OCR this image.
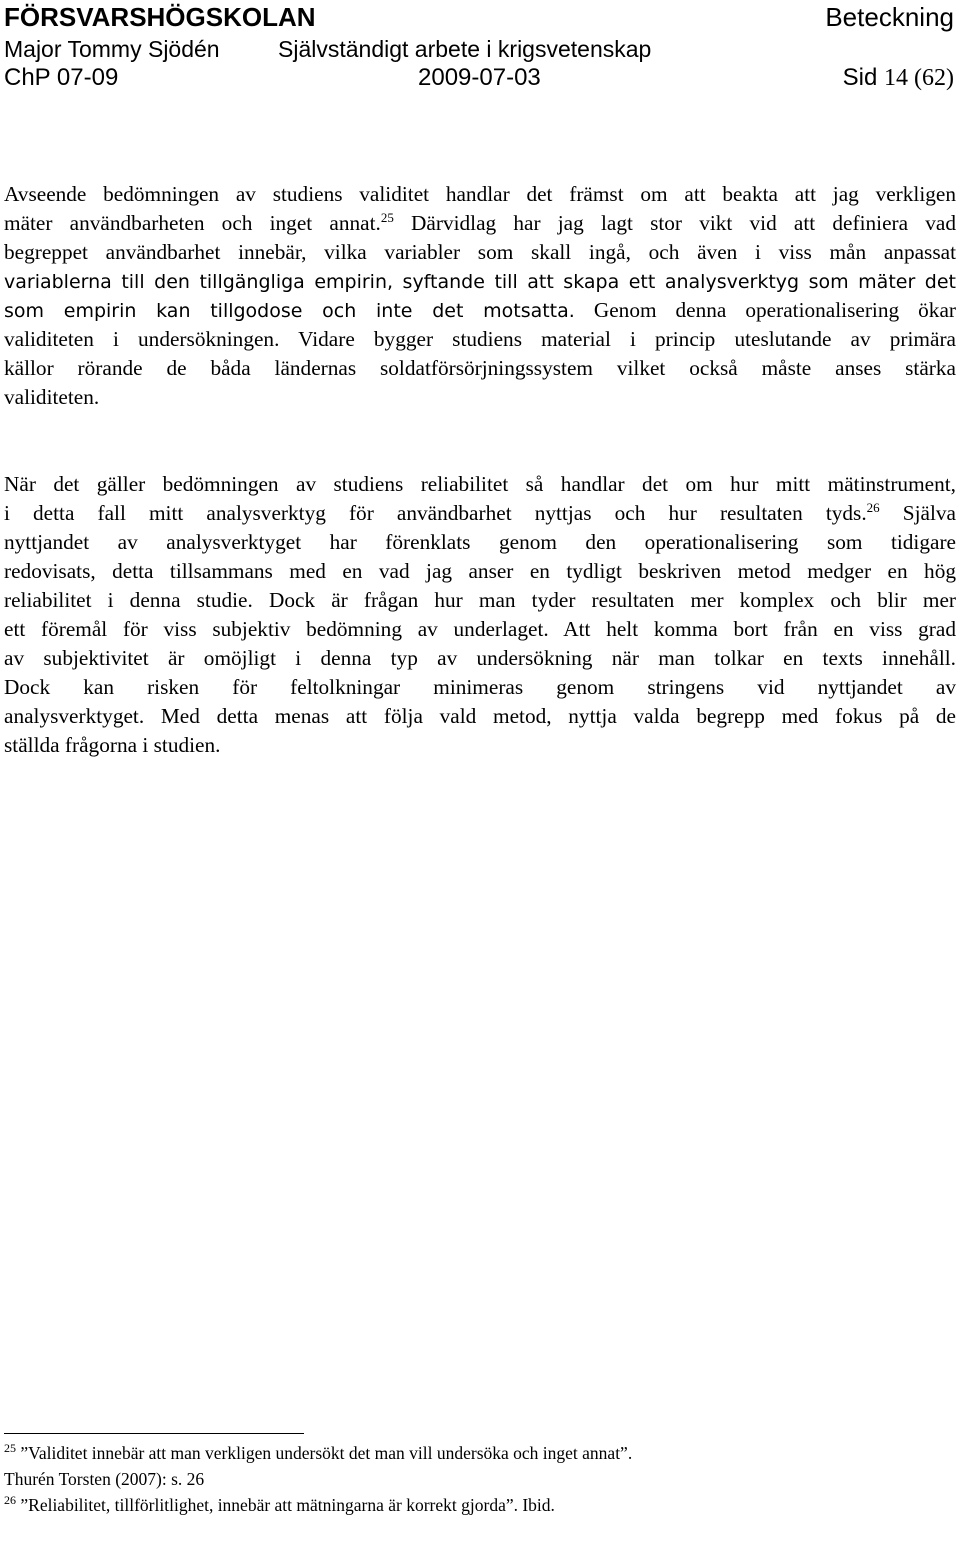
FÖRSVARSHÖGSKOLAN	Beteckning
Major Tommy Sjödén	Självständigt arbete i krigsvetenskap
ChP 07-09	2009-07-03	Sid 14 (62)
Avseende bedömningen av studiens validitet handlar det främst om att beakta att jag verkligen
mäter användbarheten och inget annat.$^{25}$ Därvidlag har jag lagt stor vikt vid att definiera vad
begreppet användbarhet innebär, vilka variabler som skall ingå, och även i viss mån anpassat
variablerna till den tillgängliga empirin, syftande till att skapa ett analysverktyg som mäter det
som empirin kan tillgodose och inte det motsatta. Genom denna operationalisering ökar
validiteten i undersökningen. Vidare bygger studiens material i princip uteslutande av primära
källor rörande de båda ländernas soldatförsörjningssystem vilket också måste anses stärka
validiteten.
När det gäller bedömningen av studiens reliabilitet så handlar det om hur mitt mätinstrument,
i detta fall mitt analysverktyg för användbarhet nyttjas och hur resultaten tyds.$^{26}$ Själva
nyttjandet av analysverktyget har förenklats genom den operationalisering som tidigare
redovisats, detta tillsammans med en vad jag anser en tydligt beskriven metod medger en hög
reliabilitet i denna studie. Dock är frågan hur man tyder resultaten mer komplex och blir mer
ett föremål för viss subjektiv bedömning av underlaget. Att helt komma bort från en viss grad
av subjektivitet är omöjligt i denna typ av undersökning när man tolkar en texts innehåll.
Dock kan risken för feltolkningar minimeras genom stringens vid nyttjandet av
analysverktyget. Med detta menas att följa vald metod, nyttja valda begrepp med fokus på de
ställda frågorna i studien.
$^{25}$ ”Validitet innebär att man verkligen undersökt det man vill undersöka och inget annat”.
Thurén Torsten (2007): s. 26
$^{26}$ ”Reliabilitet, tillförlitlighet, innebär att mätningarna är korrekt gjorda”. Ibid.
